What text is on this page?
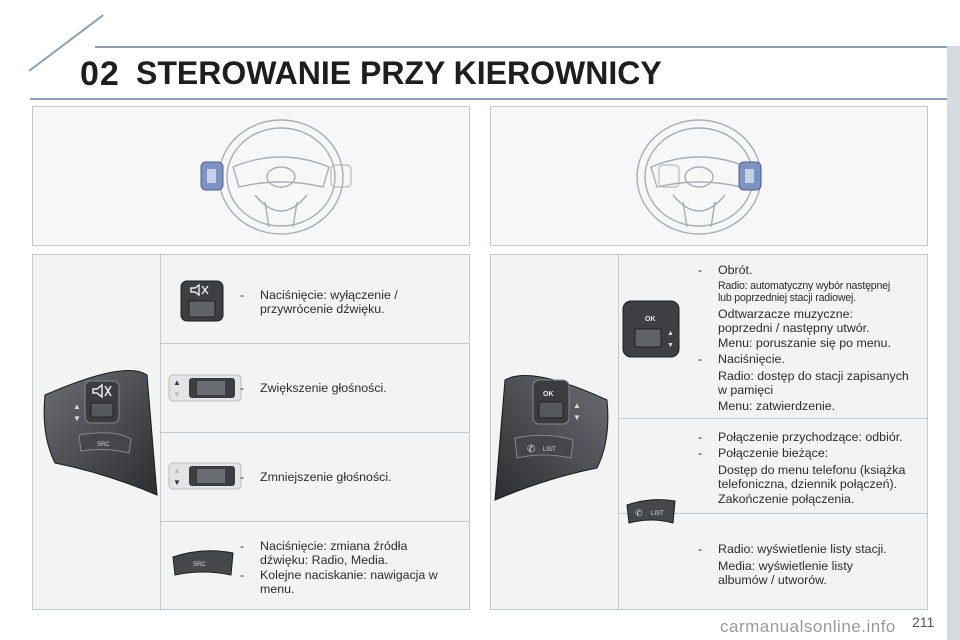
02 STEROWANIE PRZY KIEROWNICY
▲
▼
SRC
▲
▼
▲
▼
SRC
- Naciśnięcie: wyłączenie /
przywrócenie dźwięku.
- Zwiększenie głośności.
- Zmniejszenie głośności.
- Naciśnięcie: zmiana źródła
dźwięku: Radio, Media.
- Kolejne naciskanie: nawigacja w
menu.
OK
▲
▼
✆ LIST
OK
▲
▼
✆ LIST
- Obrót.
Radio: automatyczny wybór następnej
lub poprzedniej stacji radiowej.
Odtwarzacze muzyczne:
poprzedni / następny utwór.
Menu: poruszanie się po menu.
- Naciśnięcie.
Radio: dostęp do stacji zapisanych
w pamięci
Menu: zatwierdzenie.
- Połączenie przychodzące: odbiór.
- Połączenie bieżące:
Dostęp do menu telefonu (książka
telefoniczna, dziennik połączeń).
Zakończenie połączenia.
- Radio: wyświetlenie listy stacji.
Media: wyświetlenie listy
albumów / utworów.
carmanualsonline.info 211
